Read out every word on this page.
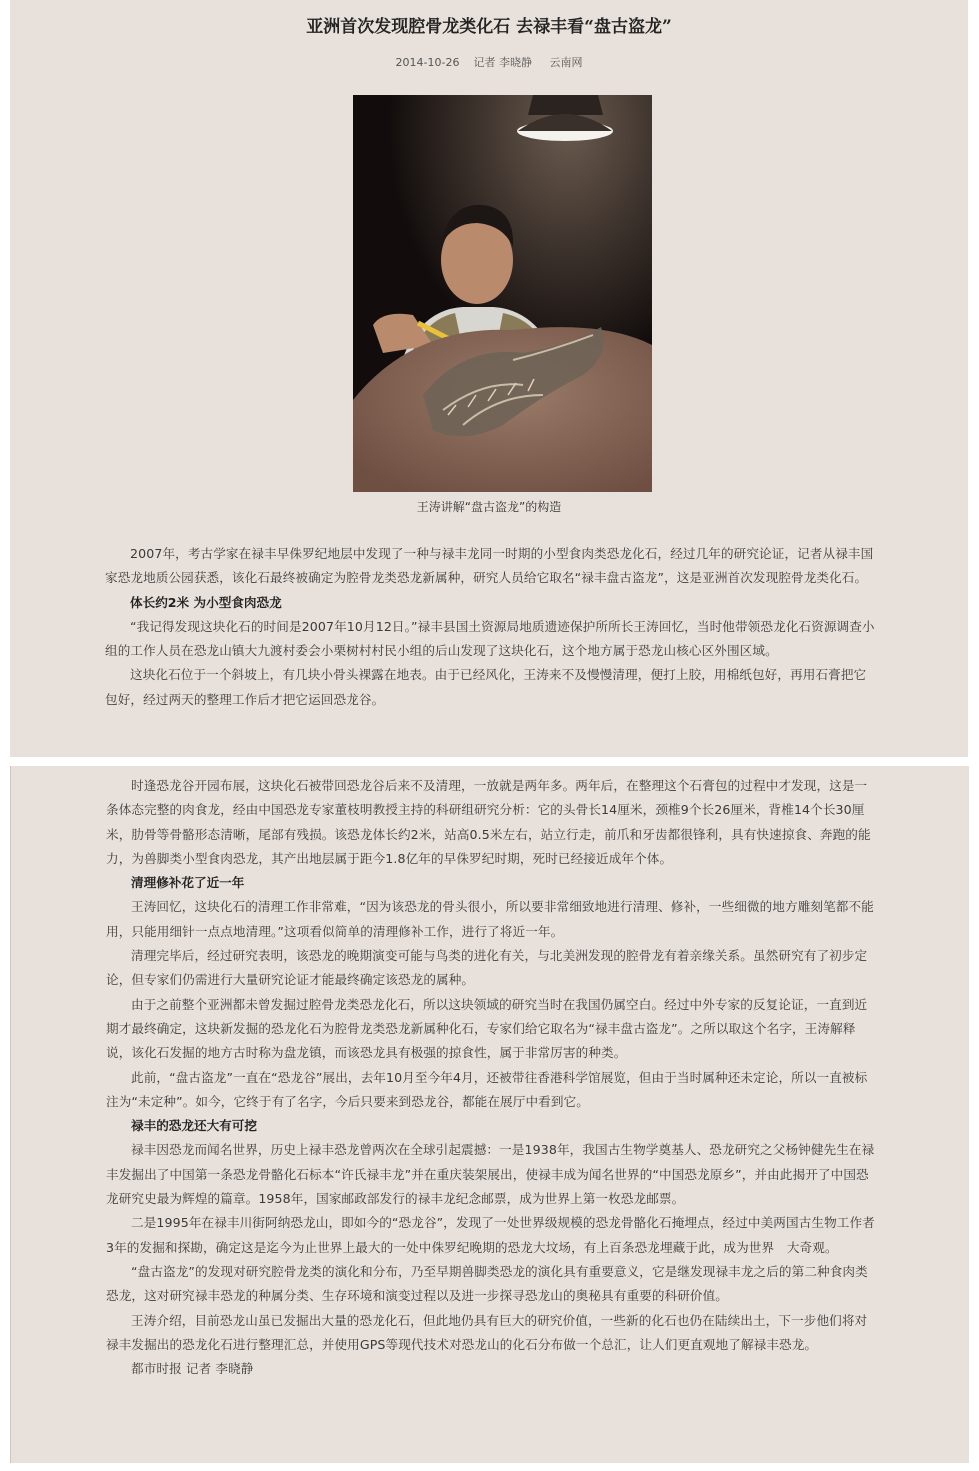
亚洲首次发现腔骨龙类化石 去禄丰看“盘古盗龙”
2014-10-26 记者 李晓静 云南网
王涛讲解“盘古盗龙”的构造

2007年，考古学家在禄丰早侏罗纪地层中发现了一种与禄丰龙同一时期的小型食肉类恐龙化石，经过几年的研究论证，记者从禄丰国家恐龙地质公园获悉，该化石最终被确定为腔骨龙类恐龙新属种，研究人员给它取名“禄丰盘古盗龙”，这是亚洲首次发现腔骨龙类化石。

体长约2米 为小型食肉恐龙

“我记得发现这块化石的时间是2007年10月12日。”禄丰县国土资源局地质遗迹保护所所长王涛回忆，当时他带领恐龙化石资源调查小组的工作人员在恐龙山镇大九渡村委会小栗树村村民小组的后山发现了这块化石，这个地方属于恐龙山核心区外围区域。

这块化石位于一个斜坡上，有几块小骨头裸露在地表。由于已经风化，王涛来不及慢慢清理，便打上胶，用棉纸包好，再用石膏把它包好，经过两天的整理工作后才把它运回恐龙谷。

时逢恐龙谷开园布展，这块化石被带回恐龙谷后来不及清理，一放就是两年多。两年后，在整理这个石膏包的过程中才发现，这是一条体态完整的肉食龙，经由中国恐龙专家董枝明教授主持的科研组研究分析：它的头骨长14厘米，颈椎9个长26厘米，背椎14个长30厘米，肋骨等骨骼形态清晰，尾部有残损。该恐龙体长约2米，站高0.5米左右，站立行走，前爪和牙齿都很锋利，具有快速掠食、奔跑的能力，为兽脚类小型食肉恐龙，其产出地层属于距今1.8亿年的早侏罗纪时期，死时已经接近成年个体。

清理修补花了近一年

王涛回忆，这块化石的清理工作非常难，“因为该恐龙的骨头很小，所以要非常细致地进行清理、修补，一些细微的地方雕刻笔都不能用，只能用细针一点点地清理。”这项看似简单的清理修补工作，进行了将近一年。

清理完毕后，经过研究表明，该恐龙的晚期演变可能与鸟类的进化有关，与北美洲发现的腔骨龙有着亲缘关系。虽然研究有了初步定论，但专家们仍需进行大量研究论证才能最终确定该恐龙的属种。

由于之前整个亚洲都未曾发掘过腔骨龙类恐龙化石，所以这块领域的研究当时在我国仍属空白。经过中外专家的反复论证，一直到近期才最终确定，这块新发掘的恐龙化石为腔骨龙类恐龙新属种化石，专家们给它取名为“禄丰盘古盗龙”。之所以取这个名字，王涛解释说，该化石发掘的地方古时称为盘龙镇，而该恐龙具有极强的掠食性，属于非常厉害的种类。

此前，“盘古盗龙”一直在“恐龙谷”展出，去年10月至今年4月，还被带往香港科学馆展览，但由于当时属种还未定论，所以一直被标注为“未定种”。如今，它终于有了名字，今后只要来到恐龙谷，都能在展厅中看到它。

禄丰的恐龙还大有可挖

禄丰因恐龙而闻名世界，历史上禄丰恐龙曾两次在全球引起震撼：一是1938年，我国古生物学奠基人、恐龙研究之父杨钟健先生在禄丰发掘出了中国第一条恐龙骨骼化石标本“许氏禄丰龙”并在重庆装架展出，使禄丰成为闻名世界的“中国恐龙原乡”，并由此揭开了中国恐龙研究史最为辉煌的篇章。1958年，国家邮政部发行的禄丰龙纪念邮票，成为世界上第一枚恐龙邮票。

二是1995年在禄丰川街阿纳恐龙山，即如今的“恐龙谷”，发现了一处世界级规模的恐龙骨骼化石掩埋点，经过中美两国古生物工作者3年的发掘和探勘，确定这是迄今为止世界上最大的一处中侏罗纪晚期的恐龙大坟场，有上百条恐龙埋藏于此，成为世界　大奇观。

“盘古盗龙”的发现对研究腔骨龙类的演化和分布，乃至早期兽脚类恐龙的演化具有重要意义，它是继发现禄丰龙之后的第二种食肉类恐龙，这对研究禄丰恐龙的种属分类、生存环境和演变过程以及进一步探寻恐龙山的奥秘具有重要的科研价值。

王涛介绍，目前恐龙山虽已发掘出大量的恐龙化石，但此地仍具有巨大的研究价值，一些新的化石也仍在陆续出土，下一步他们将对禄丰发掘出的恐龙化石进行整理汇总，并使用GPS等现代技术对恐龙山的化石分布做一个总汇，让人们更直观地了解禄丰恐龙。

都市时报 记者 李晓静
